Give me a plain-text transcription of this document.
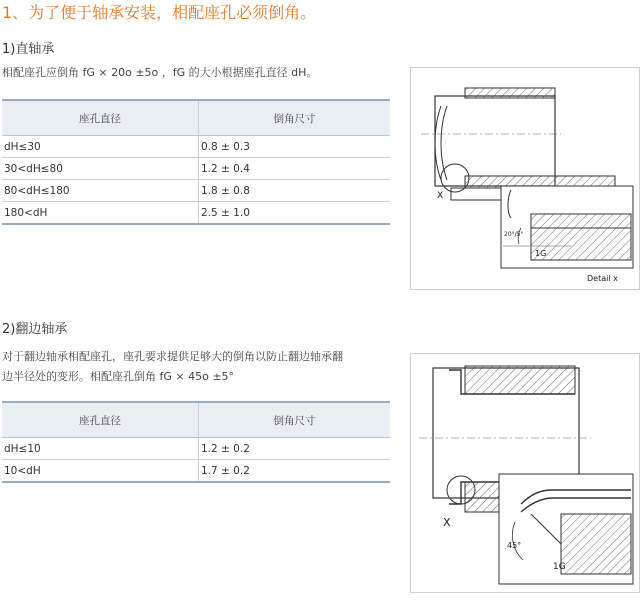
1、为了便于轴承安装，相配座孔必须倒角。
1)直轴承
相配座孔应倒角 fG × 20o ±5o ，fG 的大小根据座孔直径 dH。
座孔直径	倒角尺寸
dH≤30	0.8 ± 0.3
30<dH≤80	1.2 ± 0.4
80<dH≤180	1.8 ± 0.8
180<dH	2.5 ± 1.0
X
20°/5°
1G
Detail x
2)翻边轴承
对于翻边轴承相配座孔，座孔要求提供足够大的倒角以防止翻边轴承翻
边半径处的变形。相配座孔倒角 fG × 45o ±5°
座孔直径	倒角尺寸
dH≤10	1.2 ± 0.2
10<dH	1.7 ± 0.2
X
45°
1G
